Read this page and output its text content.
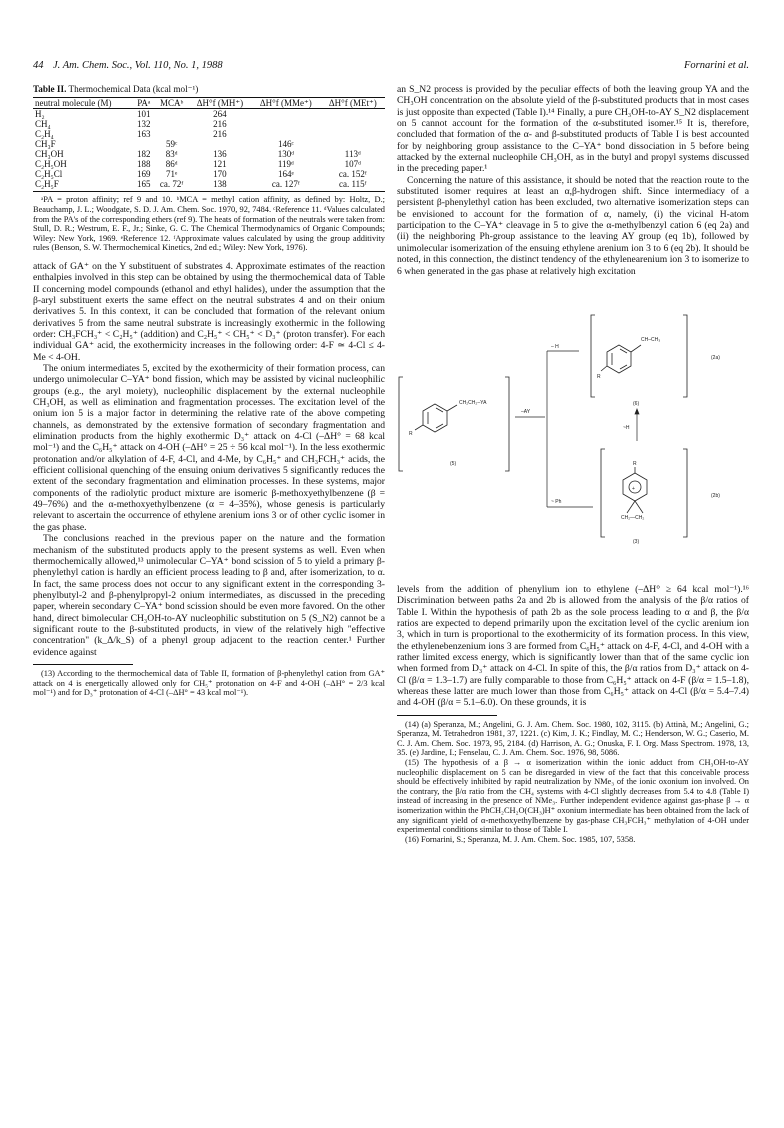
44 J. Am. Chem. Soc., Vol. 110, No. 1, 1988	Fornarini et al.
Table II. Thermochemical Data (kcal mol⁻¹)
neutral molecule (M)	PAᵃ	MCAᵇ	ΔH°f (MH⁺)	ΔH°f (MMe⁺)	ΔH°f (MEt⁺)
H₂	101		264		
CH₄	132		216		
C₂H₄	163		216		
CH₃F		59ᶜ		146ᶜ	
CH₃OH	182	83ᵈ	136	130ᵈ	113ᵈ
C₂H₅OH	188	86ᵈ	121	119ᵈ	107ᵈ
C₂H₅Cl	169	71ᵉ	170	164ᵉ	ca. 152ᶠ
C₂H₅F	165	ca. 72ᶠ	138	ca. 127ᶠ	ca. 115ᶠ

ᵃPA = proton affinity; ref 9 and 10. ᵇMCA = methyl cation affinity, as defined by: Holtz, D.; Beauchamp, J. L.; Woodgate, S. D. J. Am. Chem. Soc. 1970, 92, 7484. ᶜReference 11. ᵈValues calculated from the PA's of the corresponding ethers (ref 9). The heats of formation of the neutrals were taken from: Stull, D. R.; Westrum, E. F., Jr.; Sinke, G. C. The Chemical Thermodynamics of Organic Compounds; Wiley: New York, 1969. ᵉReference 12. ᶠApproximate values calculated by using the group additivity rules (Benson, S. W. Thermochemical Kinetics, 2nd ed.; Wiley: New York, 1976).

attack of GA⁺ on the Y substituent of substrates 4. Approximate estimates of the reaction enthalpies involved in this step can be obtained by using the thermochemical data of Table II concerning model compounds (ethanol and ethyl halides), under the assumption that the β-aryl substituent exerts the same effect on the neutral substrates 4 and on their onium derivatives 5. In this context, it can be concluded that formation of the relevant onium derivatives 5 from the same neutral substrate is increasingly exothermic in the following order: CH₃FCH₃⁺ < C₂H₅⁺ (addition) and C₂H₅⁺ < CH₅⁺ < D₃⁺ (proton transfer). For each individual GA⁺ acid, the exothermicity increases in the following order: 4-F ≃ 4-Cl ≤ 4-Me < 4-OH.

The onium intermediates 5, excited by the exothermicity of their formation process, can undergo unimolecular C–YA⁺ bond fission, which may be assisted by vicinal nucleophilic groups (e.g., the aryl moiety), nucleophilic displacement by the external nucleophile CH₃OH, as well as elimination and fragmentation processes. The excitation level of the onium ion 5 is a major factor in determining the relative rate of the above competing channels, as demonstrated by the extensive formation of secondary fragmentation and elimination products from the highly exothermic D₃⁺ attack on 4-Cl (–ΔH° = 68 kcal mol⁻¹) and the C₆H₅⁺ attack on 4-OH (–ΔH° = 25 ÷ 56 kcal mol⁻¹). In the less exothermic protonation and/or alkylation of 4-F, 4-Cl, and 4-Me, by C₆H₅⁺ and CH₃FCH₃⁺ acids, the efficient collisional quenching of the ensuing onium derivatives 5 significantly reduces the extent of the secondary fragmentation and elimination processes. In these systems, major components of the radiolytic product mixture are isomeric β-methoxyethylbenzene (β = 49–76%) and the α-methoxyethylbenzene (α = 4–35%), whose genesis is particularly relevant to ascertain the occurrence of ethylene arenium ions 3 or of other cyclic isomer in the gas phase.

The conclusions reached in the previous paper on the nature and the formation mechanism of the substituted products apply to the present systems as well. Even when thermochemically allowed,¹³ unimolecular C–YA⁺ bond scission of 5 to yield a primary β-phenylethyl cation is hardly an efficient process leading to β and, after isomerization, to α. In fact, the same process does not occur to any significant extent in the corresponding 3-phenylbutyl-2 and β-phenylpropyl-2 onium intermediates, as discussed in the preceding paper, wherein secondary C–YA⁺ bond scission should be even more favored. On the other hand, direct bimolecular CH₃OH-to-AY nucleophilic substitution on 5 (S_N2) cannot be a significant route to the β-substituted products, in view of the relatively high "effective concentration" (k_Δ/k_S) of a phenyl group adjacent to the reaction center.¹ Further evidence against

(13) According to the thermochemical data of Table II, formation of β-phenylethyl cation from GA⁺ attack on 4 is energetically allowed only for CH₅⁺ protonation on 4-F and 4-OH (–ΔH° = 2/3 kcal mol⁻¹) and for D₃⁺ protonation of 4-Cl (–ΔH° = 43 kcal mol⁻¹).

an S_N2 process is provided by the peculiar effects of both the leaving group YA and the CH₃OH concentration on the absolute yield of the β-substituted products that in most cases is just opposite than expected (Table I).¹⁴ Finally, a pure CH₃OH-to-AY S_N2 displacement on 5 cannot account for the formation of the α-substituted isomer.¹⁵ It is, therefore, concluded that formation of the α- and β-substituted products of Table I is best accounted for by neighboring group assistance to the C–YA⁺ bond dissociation in 5 before being attacked by the external nucleophile CH₃OH, as in the butyl and propyl systems discussed in the preceding paper.¹

Concerning the nature of this assistance, it should be noted that the reaction route to the substituted isomer requires at least an α,β-hydrogen shift. Since intermediacy of a persistent β-phenylethyl cation has been excluded, two alternative isomerization steps can be envisioned to account for the formation of α, namely, (i) the vicinal H-atom participation to the C–YA⁺ cleavage in 5 to give the α-methylbenzyl cation 6 (eq 2a) and (ii) the neighboring Ph-group assistance to the leaving AY group (eq 1b), followed by unimolecular isomerization of the ensuing ethylene arenium ion 3 to 6 (eq 2b). It should be noted, in this connection, the distinct tendency of the ethylenearenium ion 3 to isomerize to 6 when generated in the gas phase at relatively high excitation

CH₂CH₂–YA
R
(5)
–AY
– H
~ Ph
CH–CH₃
R
(2a)
(6)
~H
+
R
CH₂—CH₂
(2b)
(3)

levels from the addition of phenylium ion to ethylene (–ΔH° ≥ 64 kcal mol⁻¹).¹⁶ Discrimination between paths 2a and 2b is allowed from the analysis of the β/α ratios of Table I. Within the hypothesis of path 2b as the sole process leading to α and β, the β/α ratios are expected to depend primarily upon the excitation level of the cyclic arenium ion 3, which in turn is proportional to the exothermicity of its formation process. In this view, the ethylenebenzenium ions 3 are formed from C₆H₅⁺ attack on 4-F, 4-Cl, and 4-OH with a rather limited excess energy, which is significantly lower than that of the same cyclic ion when formed from D₃⁺ attack on 4-Cl. In spite of this, the β/α ratios from D₃⁺ attack on 4-Cl (β/α = 1.3–1.7) are fully comparable to those from C₆H₅⁺ attack on 4-F (β/α = 1.5–1.8), whereas these latter are much lower than those from C₆H₅⁺ attack on 4-Cl (β/α = 5.4–7.4) and 4-OH (β/α = 5.1–6.0). On these grounds, it is

(14) (a) Speranza, M.; Angelini, G. J. Am. Chem. Soc. 1980, 102, 3115. (b) Attinà, M.; Angelini, G.; Speranza, M. Tetrahedron 1981, 37, 1221. (c) Kim, J. K.; Findlay, M. C.; Henderson, W. G.; Caserio, M. C. J. Am. Chem. Soc. 1973, 95, 2184. (d) Harrison, A. G.; Onuska, F. I. Org. Mass Spectrom. 1978, 13, 35. (e) Jardine, I.; Fenselau, C. J. Am. Chem. Soc. 1976, 98, 5086.

(15) The hypothesis of a β → α isomerization within the ionic adduct from CH₃OH-to-AY nucleophilic displacement on 5 can be disregarded in view of the fact that this conceivable process should be effectively inhibited by rapid neutralization by NMe₃ of the ionic oxonium ion involved. On the contrary, the β/α ratio from the CH₄ systems with 4-Cl slightly decreases from 5.4 to 4.8 (Table I) instead of increasing in the presence of NMe₃. Further independent evidence against gas-phase β → α isomerization within the PhCH₂CH₂O(CH₃)H⁺ oxonium intermediate has been obtained from the lack of any significant yield of α-methoxyethylbenzene by gas-phase CH₃FCH₃⁺ methylation of 4-OH under experimental conditions similar to those of Table I.

(16) Fornarini, S.; Speranza, M. J. Am. Chem. Soc. 1985, 107, 5358.
